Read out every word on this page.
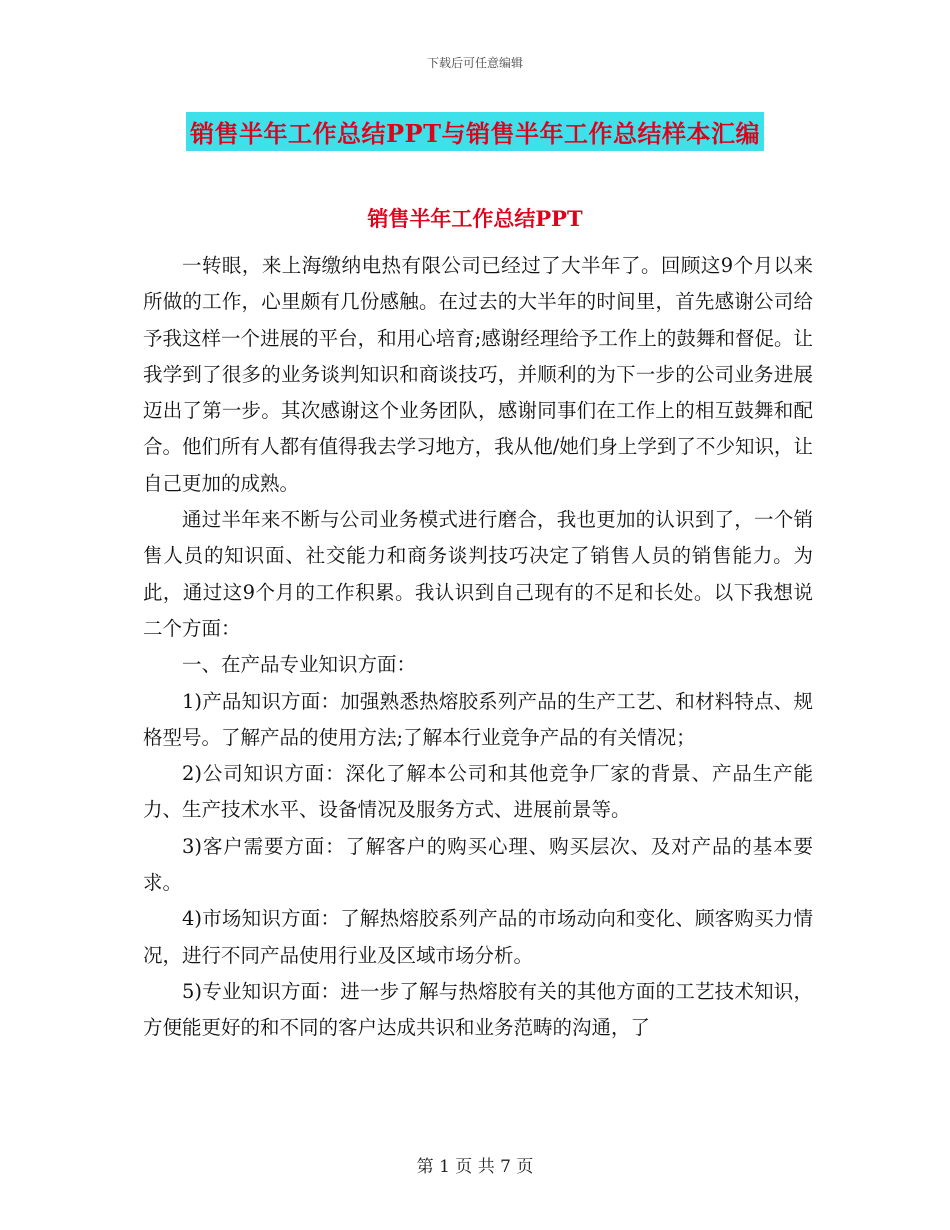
下载后可任意编辑
销售半年工作总结PPT与销售半年工作总结样本汇编
销售半年工作总结PPT

一转眼，来上海缴纳电热有限公司已经过了大半年了。回顾这9个月以来所做的工作，心里颇有几份感触。在过去的大半年的时间里，首先感谢公司给予我这样一个进展的平台，和用心培育;感谢经理给予工作上的鼓舞和督促。让我学到了很多的业务谈判知识和商谈技巧，并顺利的为下一步的公司业务进展迈出了第一步。其次感谢这个业务团队，感谢同事们在工作上的相互鼓舞和配合。他们所有人都有值得我去学习地方，我从他/她们身上学到了不少知识，让自己更加的成熟。

通过半年来不断与公司业务模式进行磨合，我也更加的认识到了，一个销售人员的知识面、社交能力和商务谈判技巧决定了销售人员的销售能力。为此，通过这9个月的工作积累。我认识到自己现有的不足和长处。以下我想说二个方面：

一、在产品专业知识方面：

1)产品知识方面：加强熟悉热熔胶系列产品的生产工艺、和材料特点、规格型号。了解产品的使用方法;了解本行业竞争产品的有关情况；

2)公司知识方面：深化了解本公司和其他竞争厂家的背景、产品生产能力、生产技术水平、设备情况及服务方式、进展前景等。

3)客户需要方面：了解客户的购买心理、购买层次、及对产品的基本要求。

4)市场知识方面：了解热熔胶系列产品的市场动向和变化、顾客购买力情况，进行不同产品使用行业及区域市场分析。

5)专业知识方面：进一步了解与热熔胶有关的其他方面的工艺技术知识，方便能更好的和不同的客户达成共识和业务范畴的沟通，了

第 1 页 共 7 页
